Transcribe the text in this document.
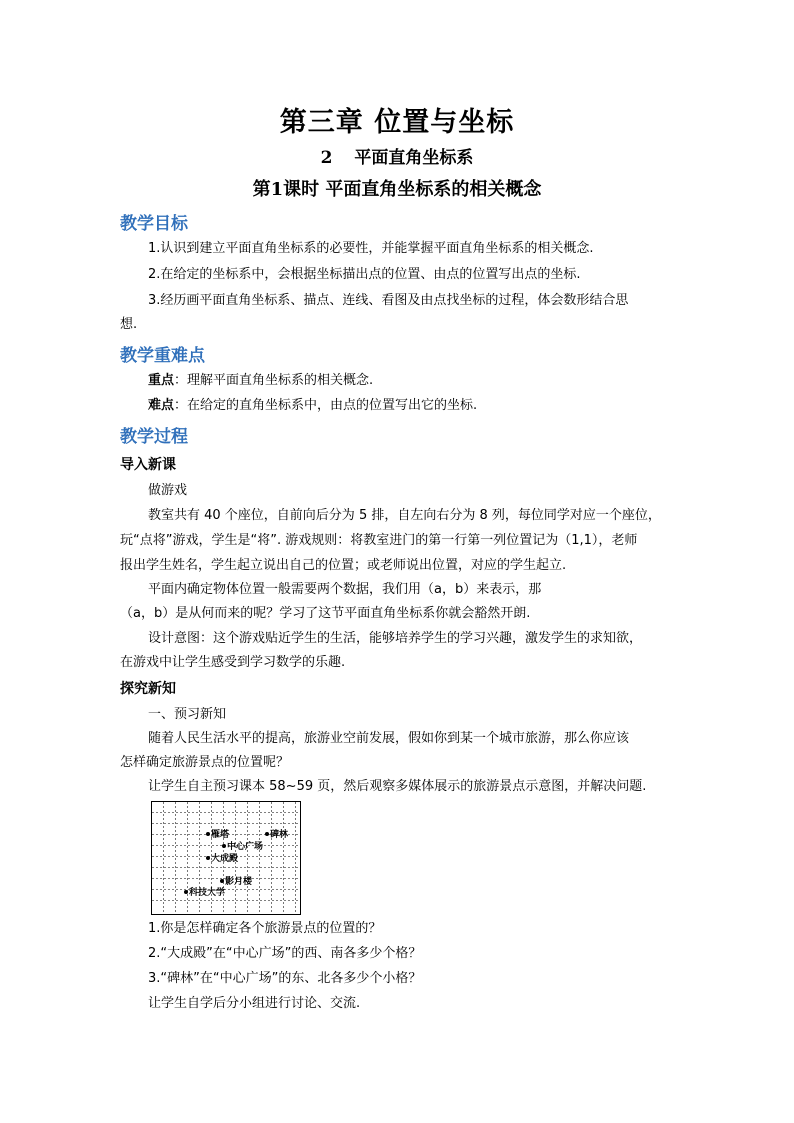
第三章 位置与坐标
2 平面直角坐标系
第1课时 平面直角坐标系的相关概念
教学目标
1.认识到建立平面直角坐标系的必要性，并能掌握平面直角坐标系的相关概念.
2.在给定的坐标系中，会根据坐标描出点的位置、由点的位置写出点的坐标.
3.经历画平面直角坐标系、描点、连线、看图及由点找坐标的过程，体会数形结合思
想.
教学重难点
重点：理解平面直角坐标系的相关概念.
难点：在给定的直角坐标系中，由点的位置写出它的坐标.
教学过程
导入新课
做游戏
教室共有 40 个座位，自前向后分为 5 排，自左向右分为 8 列，每位同学对应一个座位，
玩“点将”游戏，学生是“将”. 游戏规则：将教室进门的第一行第一列位置记为（1,1），老师
报出学生姓名，学生起立说出自己的位置；或老师说出位置，对应的学生起立.
平面内确定物体位置一般需要两个数据，我们用（a，b）来表示，那
（a，b）是从何而来的呢？学习了这节平面直角坐标系你就会豁然开朗.
设计意图：这个游戏贴近学生的生活，能够培养学生的学习兴趣，激发学生的求知欲，
在游戏中让学生感受到学习数学的乐趣.
探究新知
一、预习新知
随着人民生活水平的提高，旅游业空前发展，假如你到某一个城市旅游，那么你应该
怎样确定旅游景点的位置呢？
让学生自主预习课本 58~59 页，然后观察多媒体展示的旅游景点示意图，并解决问题.
雁塔	碑林
中心广场
大成殿
影月楼
科技大学
1.你是怎样确定各个旅游景点的位置的？
2.“大成殿”在“中心广场”的西、南各多少个格？
3.“碑林”在“中心广场”的东、北各多少个小格？
让学生自学后分小组进行讨论、交流.
